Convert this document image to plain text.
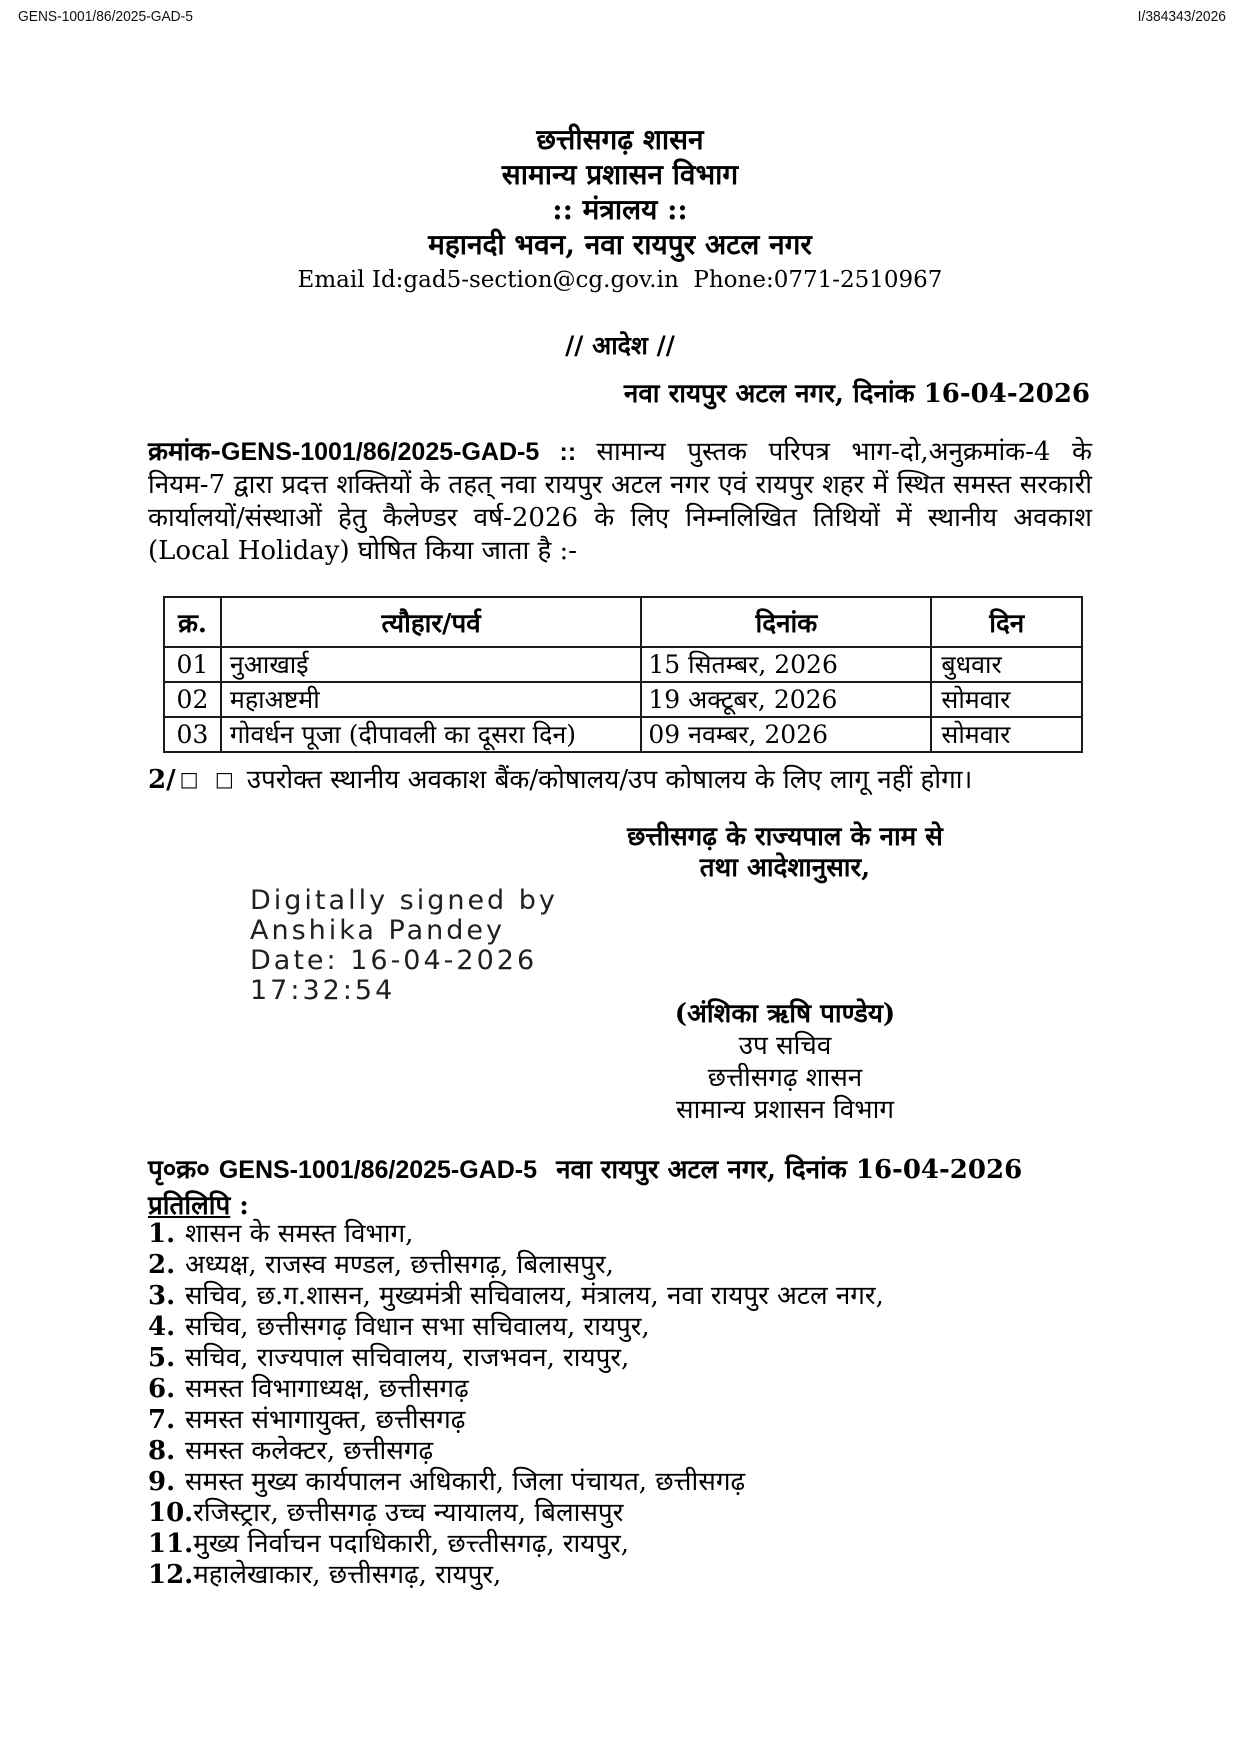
GENS-1001/86/2025-GAD-5	I/384343/2026
छत्तीसगढ़ शासन
सामान्य प्रशासन विभाग
:: मंत्रालय ::
महानदी भवन, नवा रायपुर अटल नगर
Email Id:gad5-section@cg.gov.in  Phone:0771-2510967
// आदेश //
नवा रायपुर अटल नगर, दिनांक 16-04-2026
क्रमांक-GENS-1001/86/2025-GAD-5 :: सामान्य पुस्तक परिपत्र भाग-दो,अनुक्रमांक-4 के नियम-7 द्वारा प्रदत्त शक्तियों के तहत् नवा रायपुर अटल नगर एवं रायपुर शहर में स्थित समस्त सरकारी कार्यालयों/संस्थाओं हेतु कैलेण्डर वर्ष-2026 के लिए निम्नलिखित तिथियों में स्थानीय अवकाश (Local Holiday) घोषित किया जाता है :-
क्र.	त्यौहार/पर्व	दिनांक	दिन
01	नुआखाई	15 सितम्बर, 2026	बुधवार
02	महाअष्टमी	19 अक्टूबर, 2026	सोमवार
03	गोवर्धन पूजा (दीपावली का दूसरा दिन)	09 नवम्बर, 2026	सोमवार
2/ □ □ उपरोक्त स्थानीय अवकाश बैंक/कोषालय/उप कोषालय के लिए लागू नहीं होगा।
छत्तीसगढ़ के राज्यपाल के नाम से
तथा आदेशानुसार,
Digitally signed by
Anshika Pandey
Date: 16-04-2026
17:32:54
(अंशिका ऋषि पाण्डेय)
उप सचिव
छत्तीसगढ़ शासन
सामान्य प्रशासन विभाग
पृ०क्र० GENS-1001/86/2025-GAD-5 नवा रायपुर अटल नगर, दिनांक 16-04-2026
प्रतिलिपि :
1. शासन के समस्त विभाग,
2. अध्यक्ष, राजस्व मण्डल, छत्तीसगढ़, बिलासपुर,
3. सचिव, छ.ग.शासन, मुख्यमंत्री सचिवालय, मंत्रालय, नवा रायपुर अटल नगर,
4. सचिव, छत्तीसगढ़ विधान सभा सचिवालय, रायपुर,
5. सचिव, राज्यपाल सचिवालय, राजभवन, रायपुर,
6. समस्त विभागाध्यक्ष, छत्तीसगढ़
7. समस्त संभागायुक्त, छत्तीसगढ़
8. समस्त कलेक्टर, छत्तीसगढ़
9. समस्त मुख्य कार्यपालन अधिकारी, जिला पंचायत, छत्तीसगढ़
10. रजिस्ट्रार, छत्तीसगढ़ उच्च न्यायालय, बिलासपुर
11. मुख्य निर्वाचन पदाधिकारी, छत्त्तीसगढ़, रायपुर,
12. महालेखाकार, छत्तीसगढ़, रायपुर,
